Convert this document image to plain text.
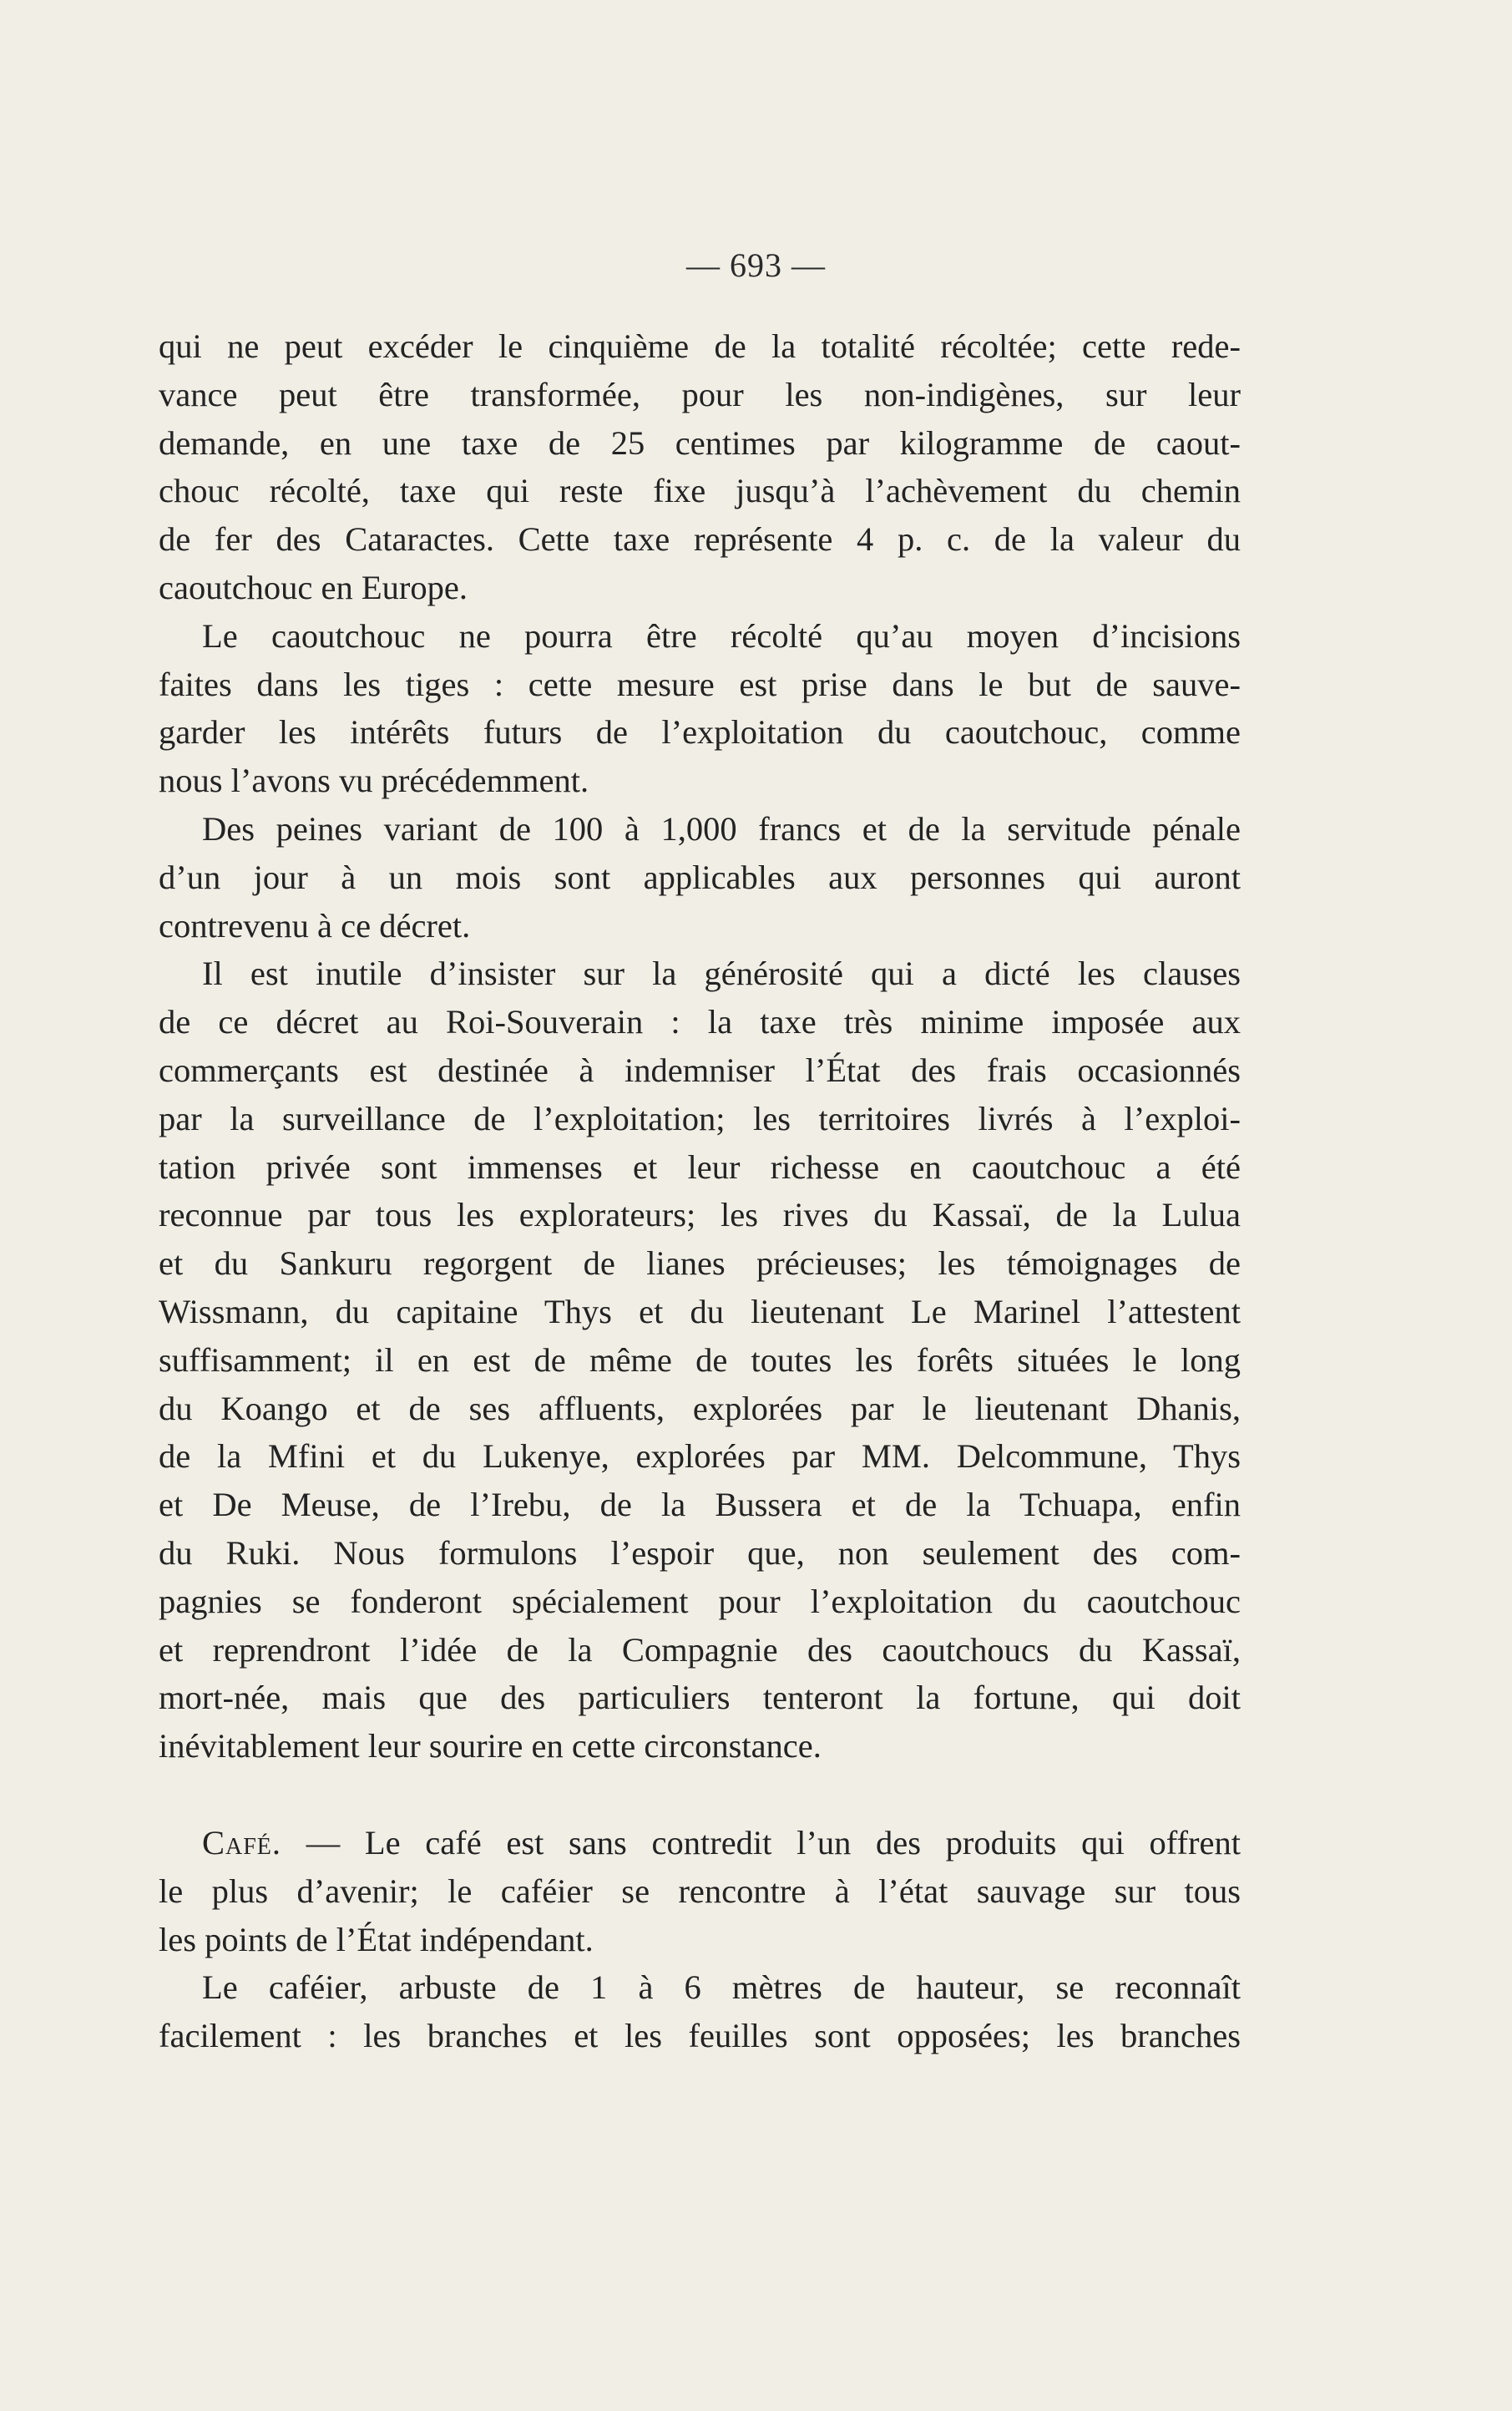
— 693 —
qui ne peut excéder le cinquième de la totalité récoltée; cette rede-
vance peut être transformée, pour les non-indigènes, sur leur
demande, en une taxe de 25 centimes par kilogramme de caout-
chouc récolté, taxe qui reste fixe jusqu’à l’achèvement du chemin
de fer des Cataractes. Cette taxe représente 4 p. c. de la valeur du
caoutchouc en Europe.
Le caoutchouc ne pourra être récolté qu’au moyen d’incisions
faites dans les tiges : cette mesure est prise dans le but de sauve-
garder les intérêts futurs de l’exploitation du caoutchouc, comme
nous l’avons vu précédemment.
Des peines variant de 100 à 1,000 francs et de la servitude pénale
d’un jour à un mois sont applicables aux personnes qui auront
contrevenu à ce décret.
Il est inutile d’insister sur la générosité qui a dicté les clauses
de ce décret au Roi-Souverain : la taxe très minime imposée aux
commerçants est destinée à indemniser l’État des frais occasionnés
par la surveillance de l’exploitation; les territoires livrés à l’exploi-
tation privée sont immenses et leur richesse en caoutchouc a été
reconnue par tous les explorateurs; les rives du Kassaï, de la Lulua
et du Sankuru regorgent de lianes précieuses; les témoignages de
Wissmann, du capitaine Thys et du lieutenant Le Marinel l’attestent
suffisamment; il en est de même de toutes les forêts situées le long
du Koango et de ses affluents, explorées par le lieutenant Dhanis,
de la Mfini et du Lukenye, explorées par MM. Delcommune, Thys
et De Meuse, de l’Irebu, de la Bussera et de la Tchuapa, enfin
du Ruki. Nous formulons l’espoir que, non seulement des com-
pagnies se fonderont spécialement pour l’exploitation du caoutchouc
et reprendront l’idée de la Compagnie des caoutchoucs du Kassaï,
mort-née, mais que des particuliers tenteront la fortune, qui doit
inévitablement leur sourire en cette circonstance.
Café. — Le café est sans contredit l’un des produits qui offrent
le plus d’avenir; le caféier se rencontre à l’état sauvage sur tous
les points de l’État indépendant.
Le caféier, arbuste de 1 à 6 mètres de hauteur, se reconnaît
facilement : les branches et les feuilles sont opposées; les branches
